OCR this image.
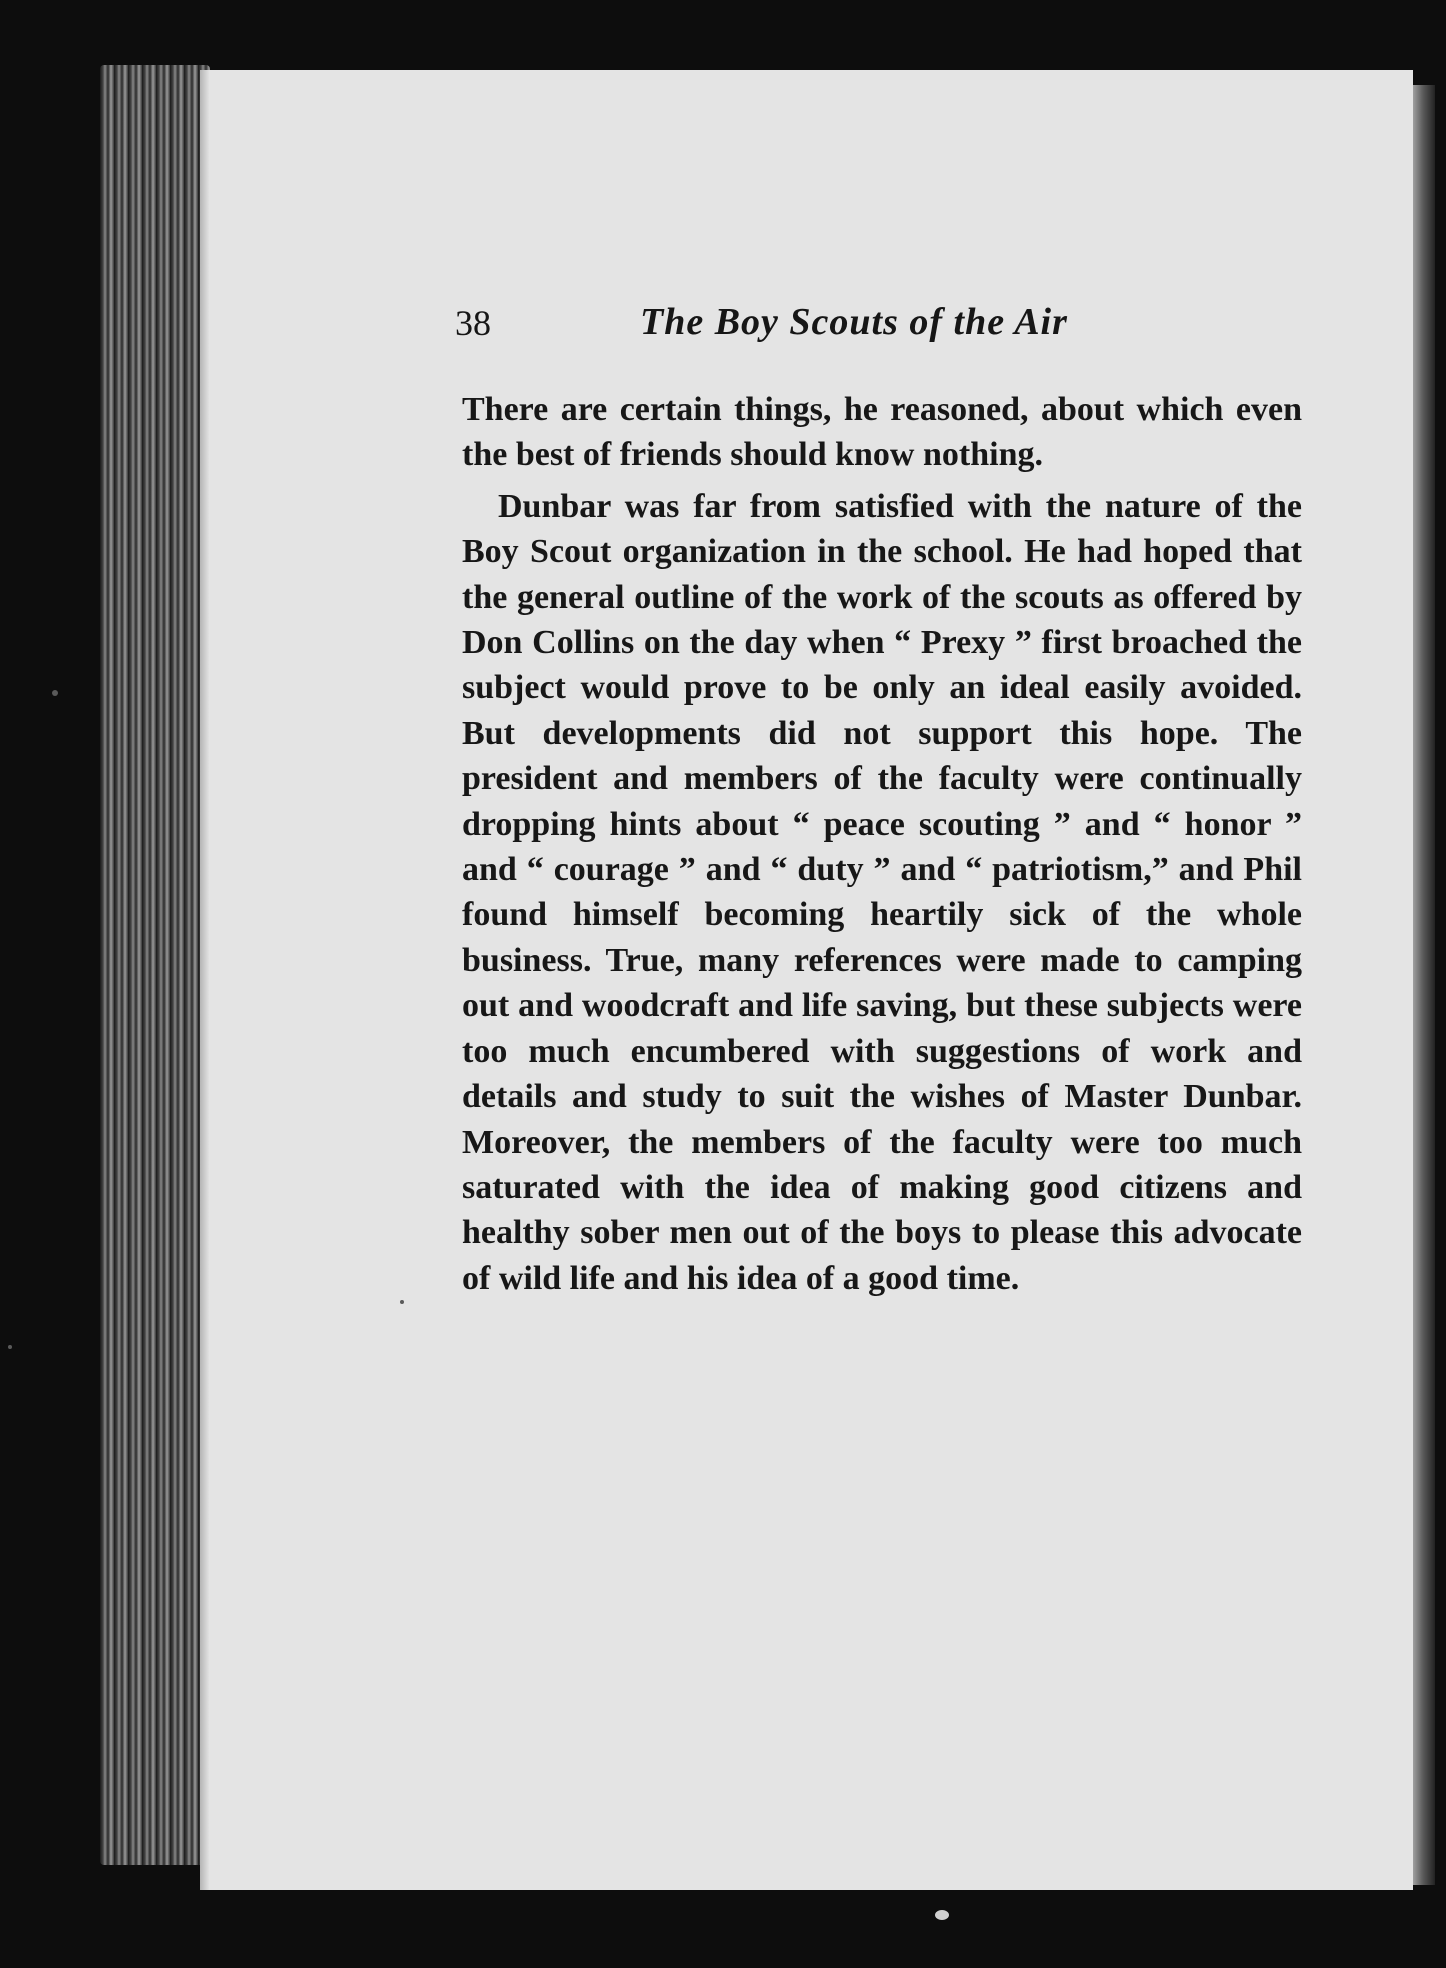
38	The Boy Scouts of the Air

There are certain things, he reasoned, about which even the best of friends should know nothing.

Dunbar was far from satisfied with the nature of the Boy Scout organization in the school. He had hoped that the general outline of the work of the scouts as offered by Don Collins on the day when “ Prexy ” first broached the subject would prove to be only an ideal easily avoided. But developments did not support this hope. The president and members of the faculty were continually dropping hints about “ peace scouting ” and “ honor ” and “ courage ” and “ duty ” and “ patriotism,” and Phil found himself becoming heartily sick of the whole business. True, many references were made to camping out and woodcraft and life saving, but these subjects were too much encumbered with suggestions of work and details and study to suit the wishes of Master Dunbar. Moreover, the members of the faculty were too much saturated with the idea of making good citizens and healthy sober men out of the boys to please this advocate of wild life and his idea of a good time.
